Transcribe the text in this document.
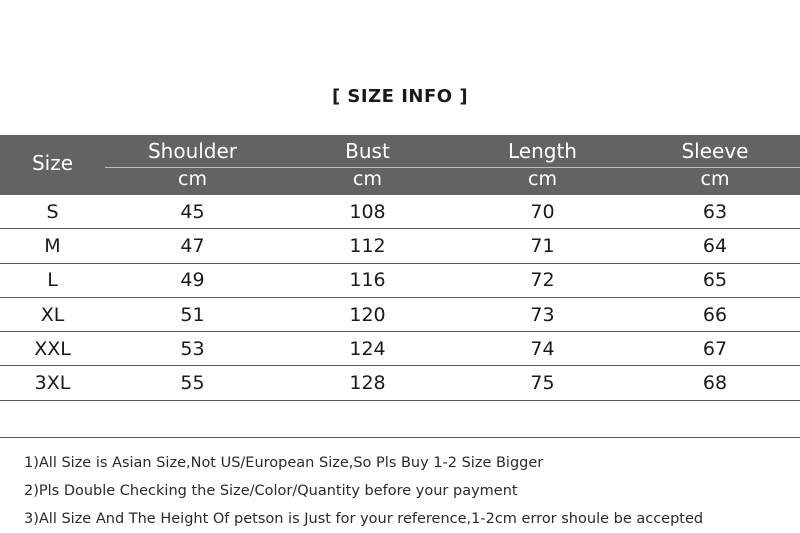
[ SIZE INFO ]
Size	Shoulder	Bust	Length	Sleeve
cm	cm	cm	cm
S	45	108	70	63
M	47	112	71	64
L	49	116	72	65
XL	51	120	73	66
XXL	53	124	74	67
3XL	55	128	75	68
1)All Size is Asian Size,Not US/European Size,So Pls Buy 1-2 Size Bigger
2)Pls Double Checking the Size/Color/Quantity before your payment
3)All Size And The Height Of petson is Just for your reference,1-2cm error shoule be accepted
